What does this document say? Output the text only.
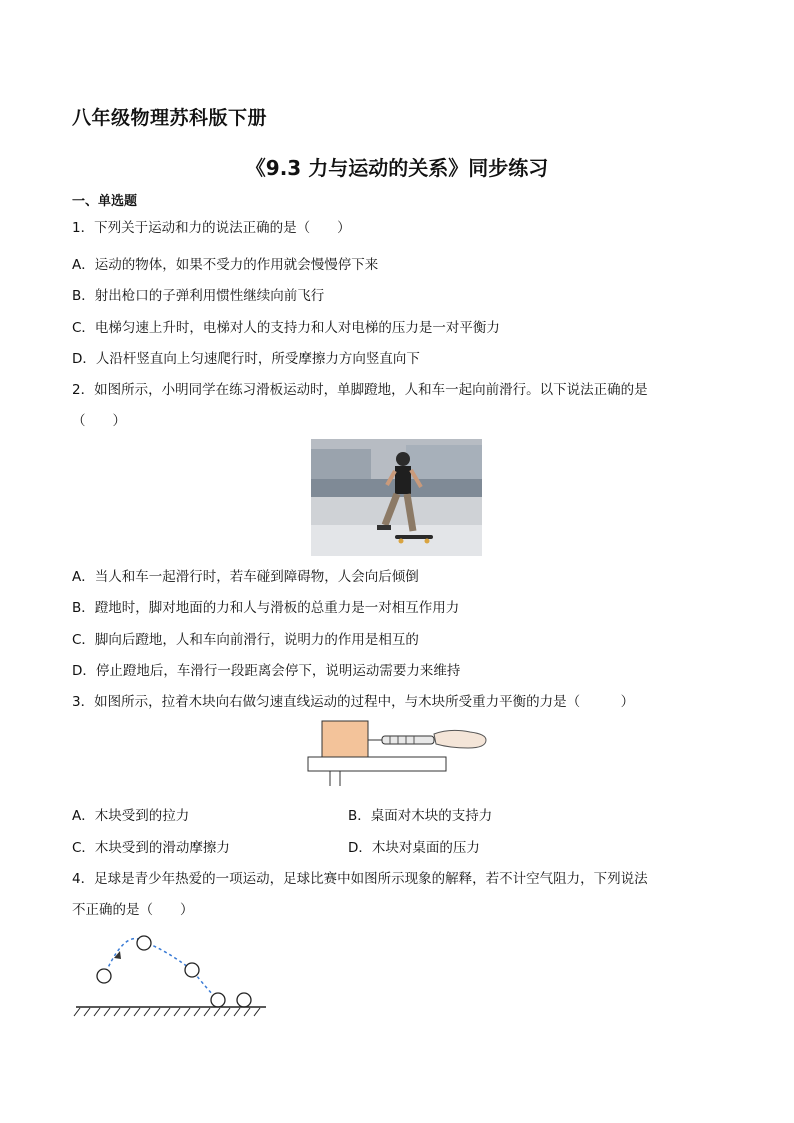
八年级物理苏科版下册
《9.3 力与运动的关系》同步练习
一、单选题
1．下列关于运动和力的说法正确的是（　　）
A．运动的物体，如果不受力的作用就会慢慢停下来
B．射出枪口的子弹利用惯性继续向前飞行
C．电梯匀速上升时，电梯对人的支持力和人对电梯的压力是一对平衡力
D．人沿杆竖直向上匀速爬行时，所受摩擦力方向竖直向下
2．如图所示，小明同学在练习滑板运动时，单脚蹬地，人和车一起向前滑行。以下说法正确的是
（　　）
A．当人和车一起滑行时，若车碰到障碍物，人会向后倾倒
B．蹬地时，脚对地面的力和人与滑板的总重力是一对相互作用力
C．脚向后蹬地，人和车向前滑行，说明力的作用是相互的
D．停止蹬地后，车滑行一段距离会停下，说明运动需要力来维持
3．如图所示，拉着木块向右做匀速直线运动的过程中，与木块所受重力平衡的力是（　　　）
A．木块受到的拉力	B．桌面对木块的支持力
C．木块受到的滑动摩擦力	D．木块对桌面的压力
4．足球是青少年热爱的一项运动，足球比赛中如图所示现象的解释，若不计空气阻力，下列说法
不正确的是（　　）
